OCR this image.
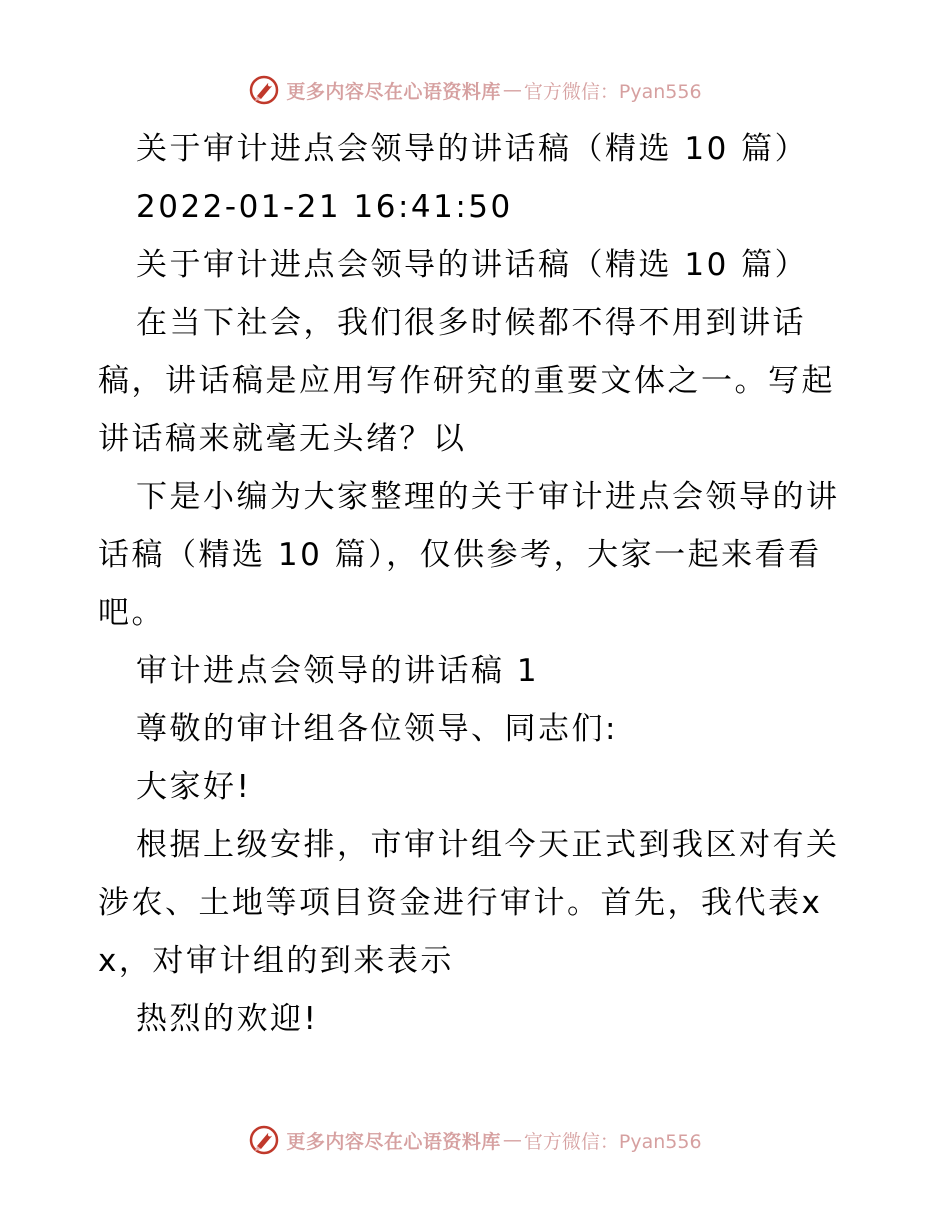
更多内容尽在心语资料库 — 官方微信：Pyan556

关于审计进点会领导的讲话稿（精选 10 篇）

2022-01-21 16:41:50

关于审计进点会领导的讲话稿（精选 10 篇）

在当下社会，我们很多时候都不得不用到讲话稿，讲话稿是应用写作研究的重要文体之一。写起讲话稿来就毫无头绪？以

下是小编为大家整理的关于审计进点会领导的讲话稿（精选 10 篇），仅供参考，大家一起来看看吧。

审计进点会领导的讲话稿 1

尊敬的审计组各位领导、同志们:

大家好!

根据上级安排，市审计组今天正式到我区对有关涉农、土地等项目资金进行审计。首先，我代表xx，对审计组的到来表示

热烈的欢迎!

更多内容尽在心语资料库 — 官方微信：Pyan556
